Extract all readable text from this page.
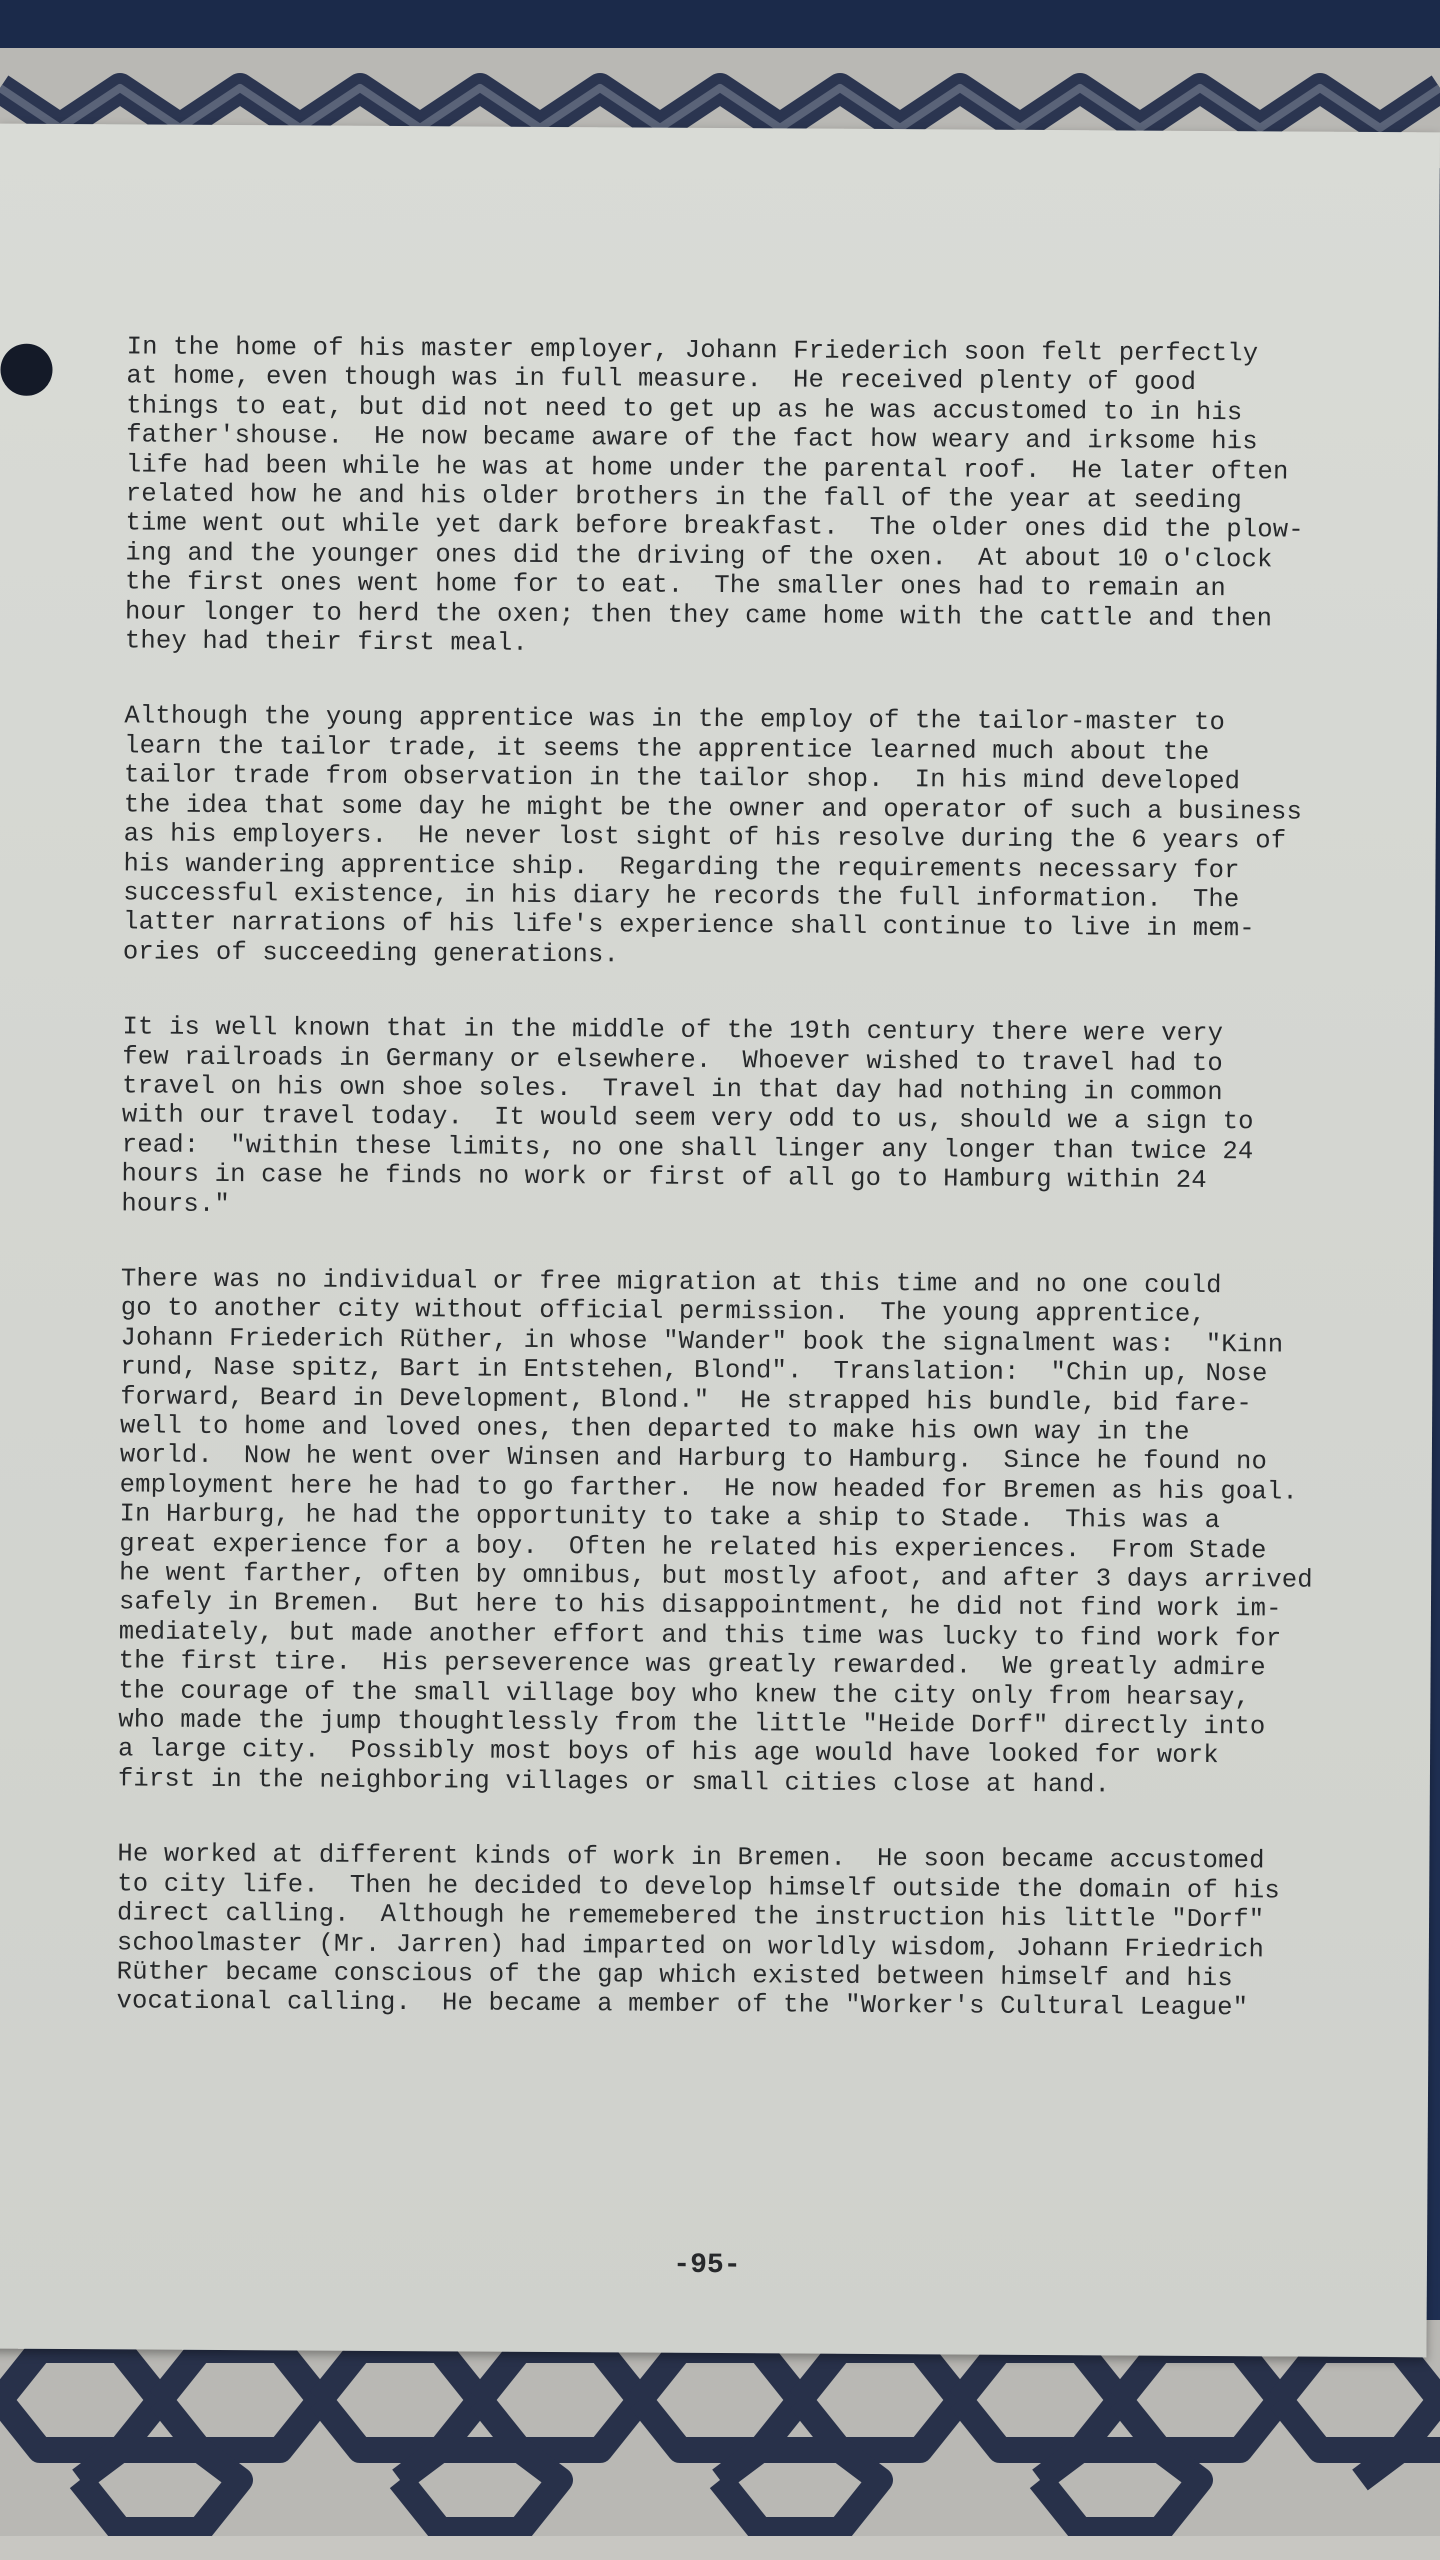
In the home of his master employer, Johann Friederich soon felt perfectly
at home, even though was in full measure.  He received plenty of good
things to eat, but did not need to get up as he was accustomed to in his
father'shouse.  He now became aware of the fact how weary and irksome his
life had been while he was at home under the parental roof.  He later often
related how he and his older brothers in the fall of the year at seeding
time went out while yet dark before breakfast.  The older ones did the plow-
ing and the younger ones did the driving of the oxen.  At about 10 o'clock
the first ones went home for to eat.  The smaller ones had to remain an
hour longer to herd the oxen; then they came home with the cattle and then
they had their first meal.
Although the young apprentice was in the employ of the tailor-master to
learn the tailor trade, it seems the apprentice learned much about the
tailor trade from observation in the tailor shop.  In his mind developed
the idea that some day he might be the owner and operator of such a business
as his employers.  He never lost sight of his resolve during the 6 years of
his wandering apprentice ship.  Regarding the requirements necessary for
successful existence, in his diary he records the full information.  The
latter narrations of his life's experience shall continue to live in mem-
ories of succeeding generations.
It is well known that in the middle of the 19th century there were very
few railroads in Germany or elsewhere.  Whoever wished to travel had to
travel on his own shoe soles.  Travel in that day had nothing in common
with our travel today.  It would seem very odd to us, should we a sign to
read:  "within these limits, no one shall linger any longer than twice 24
hours in case he finds no work or first of all go to Hamburg within 24
hours."
There was no individual or free migration at this time and no one could
go to another city without official permission.  The young apprentice,
Johann Friederich Rüther, in whose "Wander" book the signalment was:  "Kinn
rund, Nase spitz, Bart in Entstehen, Blond".  Translation:  "Chin up, Nose
forward, Beard in Development, Blond."  He strapped his bundle, bid fare-
well to home and loved ones, then departed to make his own way in the
world.  Now he went over Winsen and Harburg to Hamburg.  Since he found no
employment here he had to go farther.  He now headed for Bremen as his goal.
In Harburg, he had the opportunity to take a ship to Stade.  This was a
great experience for a boy.  Often he related his experiences.  From Stade
he went farther, often by omnibus, but mostly afoot, and after 3 days arrived
safely in Bremen.  But here to his disappointment, he did not find work im-
mediately, but made another effort and this time was lucky to find work for
the first tire.  His perseverence was greatly rewarded.  We greatly admire
the courage of the small village boy who knew the city only from hearsay,
who made the jump thoughtlessly from the little "Heide Dorf" directly into
a large city.  Possibly most boys of his age would have looked for work
first in the neighboring villages or small cities close at hand.
He worked at different kinds of work in Bremen.  He soon became accustomed
to city life.  Then he decided to develop himself outside the domain of his
direct calling.  Although he rememebered the instruction his little "Dorf"
schoolmaster (Mr. Jarren) had imparted on worldly wisdom, Johann Friedrich
Rüther became conscious of the gap which existed between himself and his
vocational calling.  He became a member of the "Worker's Cultural League"
-95-
